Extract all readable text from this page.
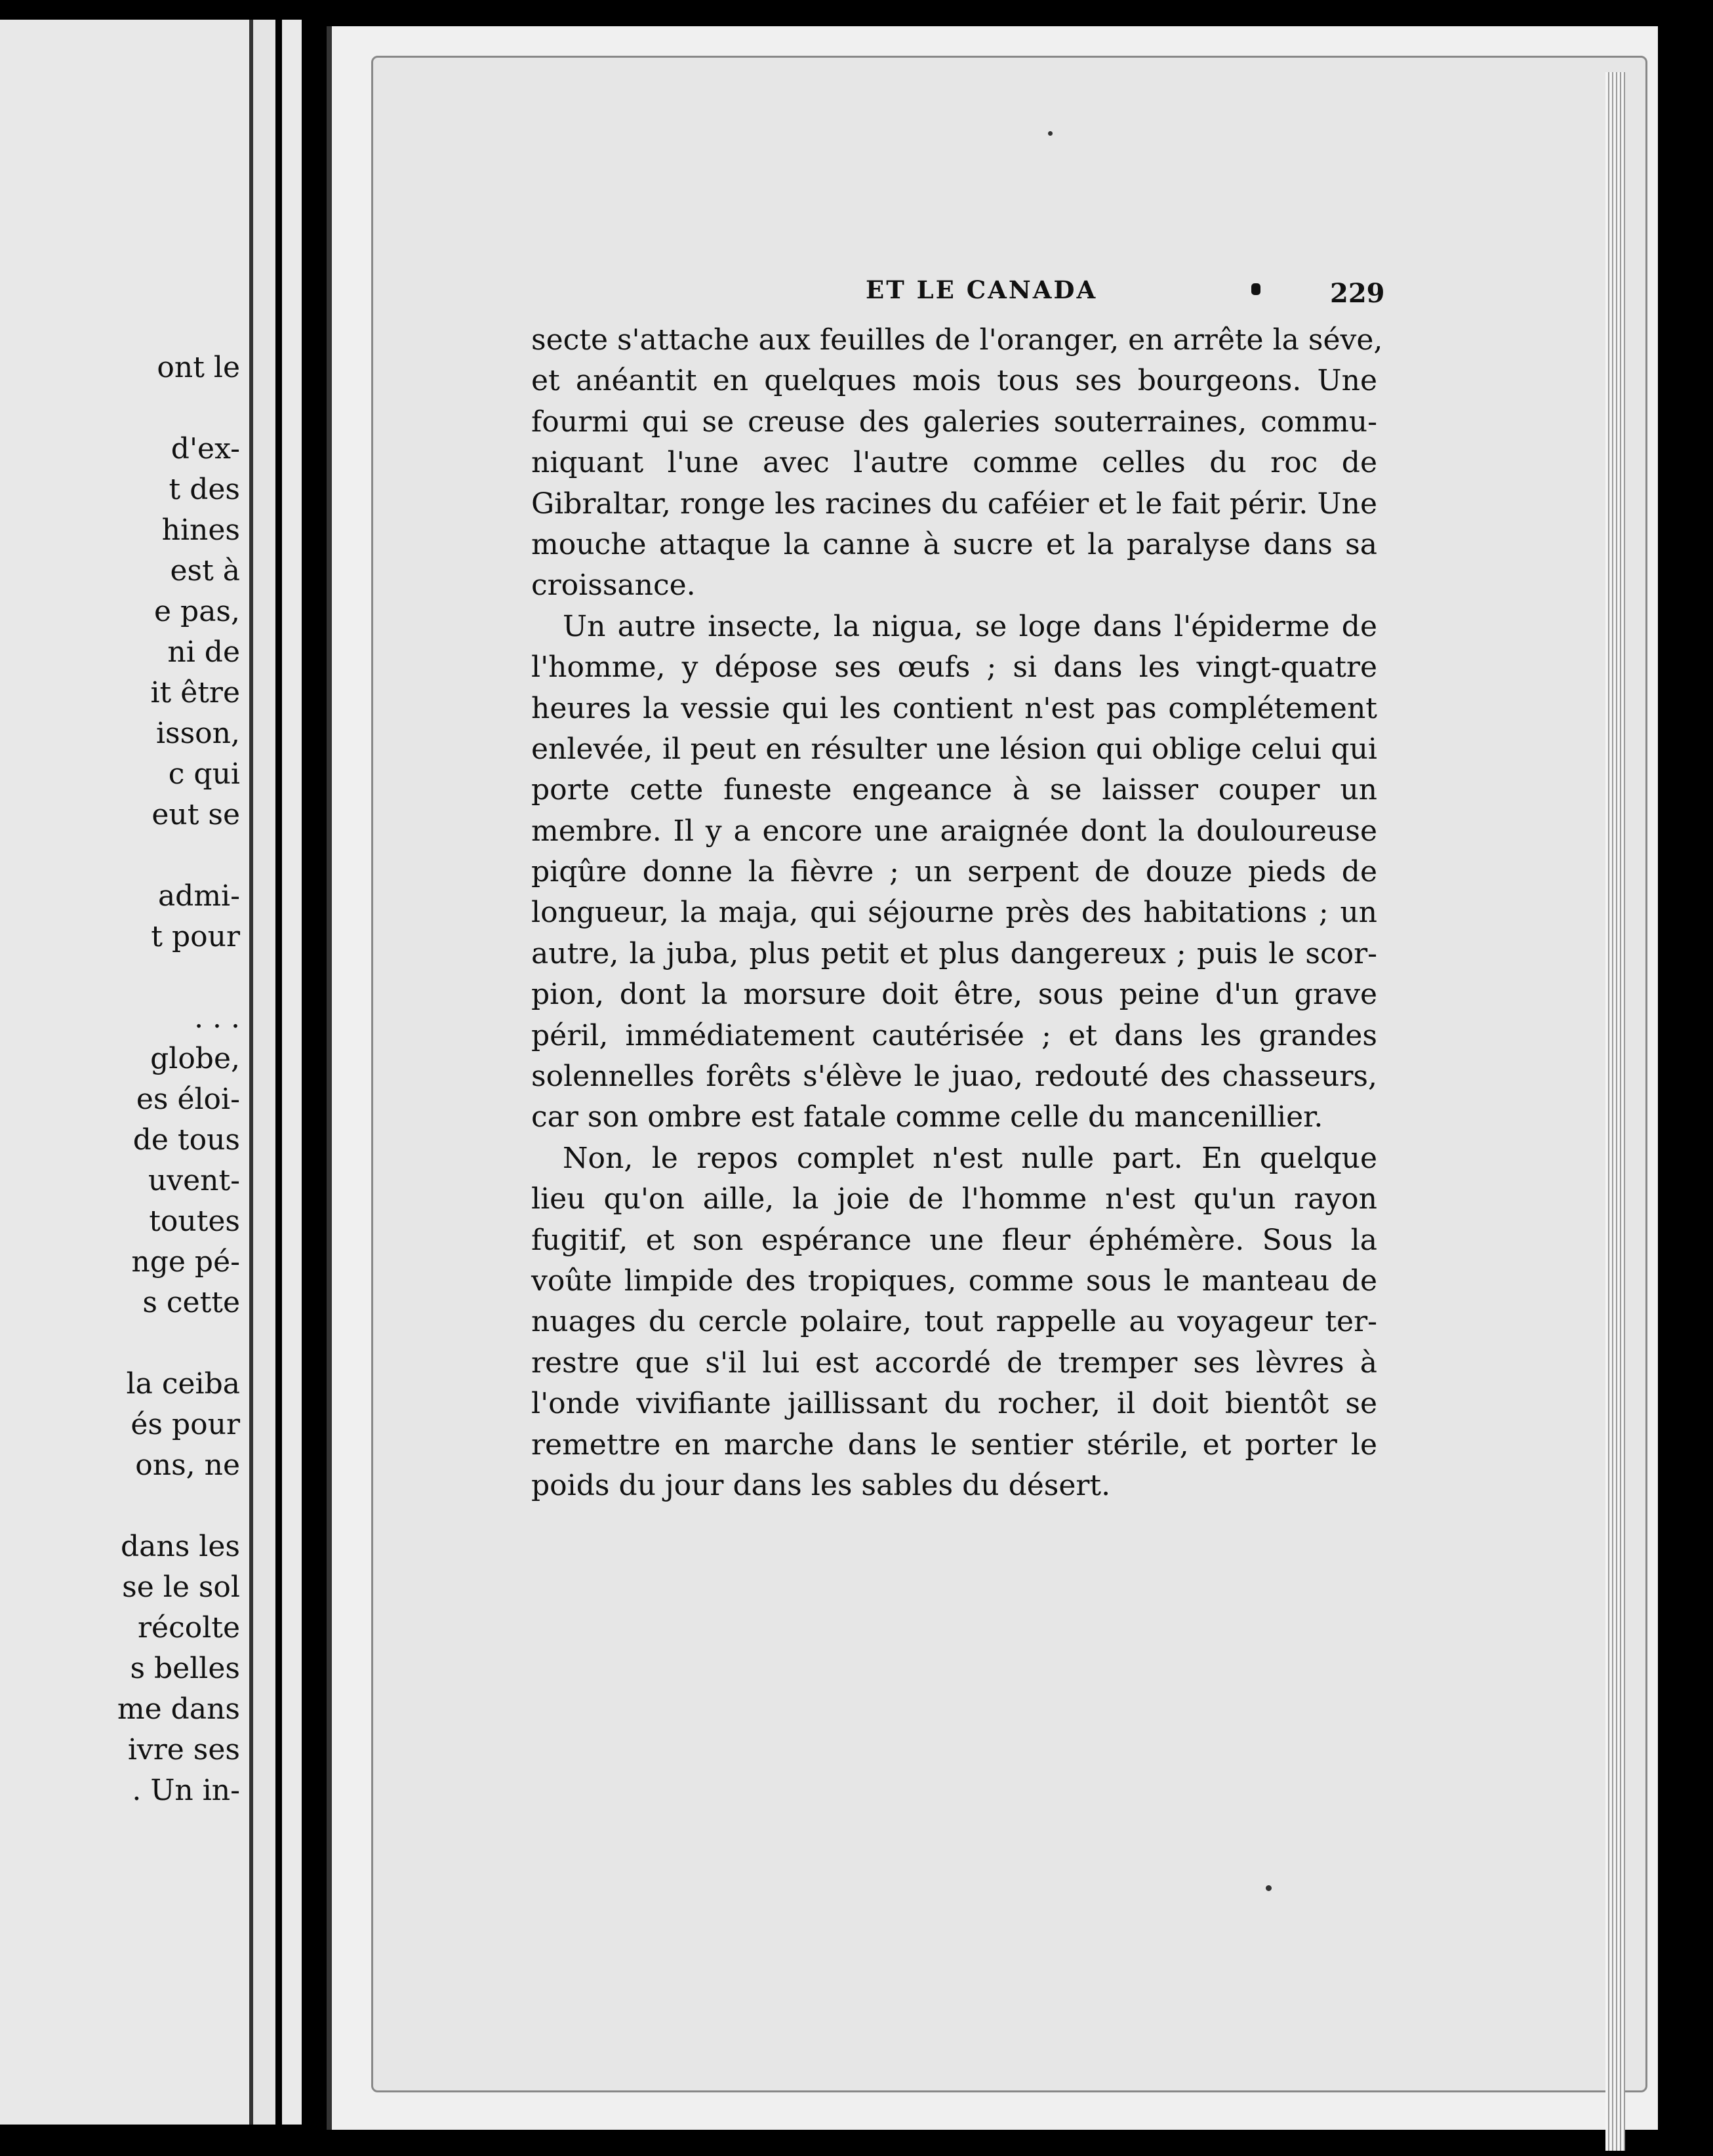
ont le
d'ex-
t des
hines
est à
e pas,
ni de
it être
isson,
c qui
eut se
admi-
t pour
. . .
globe,
es éloi-
de tous
uvent-
toutes
nge pé-
s cette
la ceiba
és pour
ons, ne
dans les
se le sol
récolte
s belles
me dans
ivre ses
. Un in-
ET LE CANADA	229
secte s'attache aux feuilles de l'oranger, en arrête la séve,
et anéantit en quelques mois tous ses bourgeons. Une
fourmi qui se creuse des galeries souterraines, commu-
niquant l'une avec l'autre comme celles du roc de
Gibraltar, ronge les racines du caféier et le fait périr. Une
mouche attaque la canne à sucre et la paralyse dans sa
croissance.
Un autre insecte, la nigua, se loge dans l'épiderme de
l'homme, y dépose ses œufs ; si dans les vingt-quatre
heures la vessie qui les contient n'est pas complétement
enlevée, il peut en résulter une lésion qui oblige celui qui
porte cette funeste engeance à se laisser couper un
membre. Il y a encore une araignée dont la douloureuse
piqûre donne la fièvre ; un serpent de douze pieds de
longueur, la maja, qui séjourne près des habitations ; un
autre, la juba, plus petit et plus dangereux ; puis le scor-
pion, dont la morsure doit être, sous peine d'un grave
péril, immédiatement cautérisée ; et dans les grandes
solennelles forêts s'élève le juao, redouté des chasseurs,
car son ombre est fatale comme celle du mancenillier.
Non, le repos complet n'est nulle part. En quelque
lieu qu'on aille, la joie de l'homme n'est qu'un rayon
fugitif, et son espérance une fleur éphémère. Sous la
voûte limpide des tropiques, comme sous le manteau de
nuages du cercle polaire, tout rappelle au voyageur ter-
restre que s'il lui est accordé de tremper ses lèvres à
l'onde vivifiante jaillissant du rocher, il doit bientôt se
remettre en marche dans le sentier stérile, et porter le
poids du jour dans les sables du désert.
